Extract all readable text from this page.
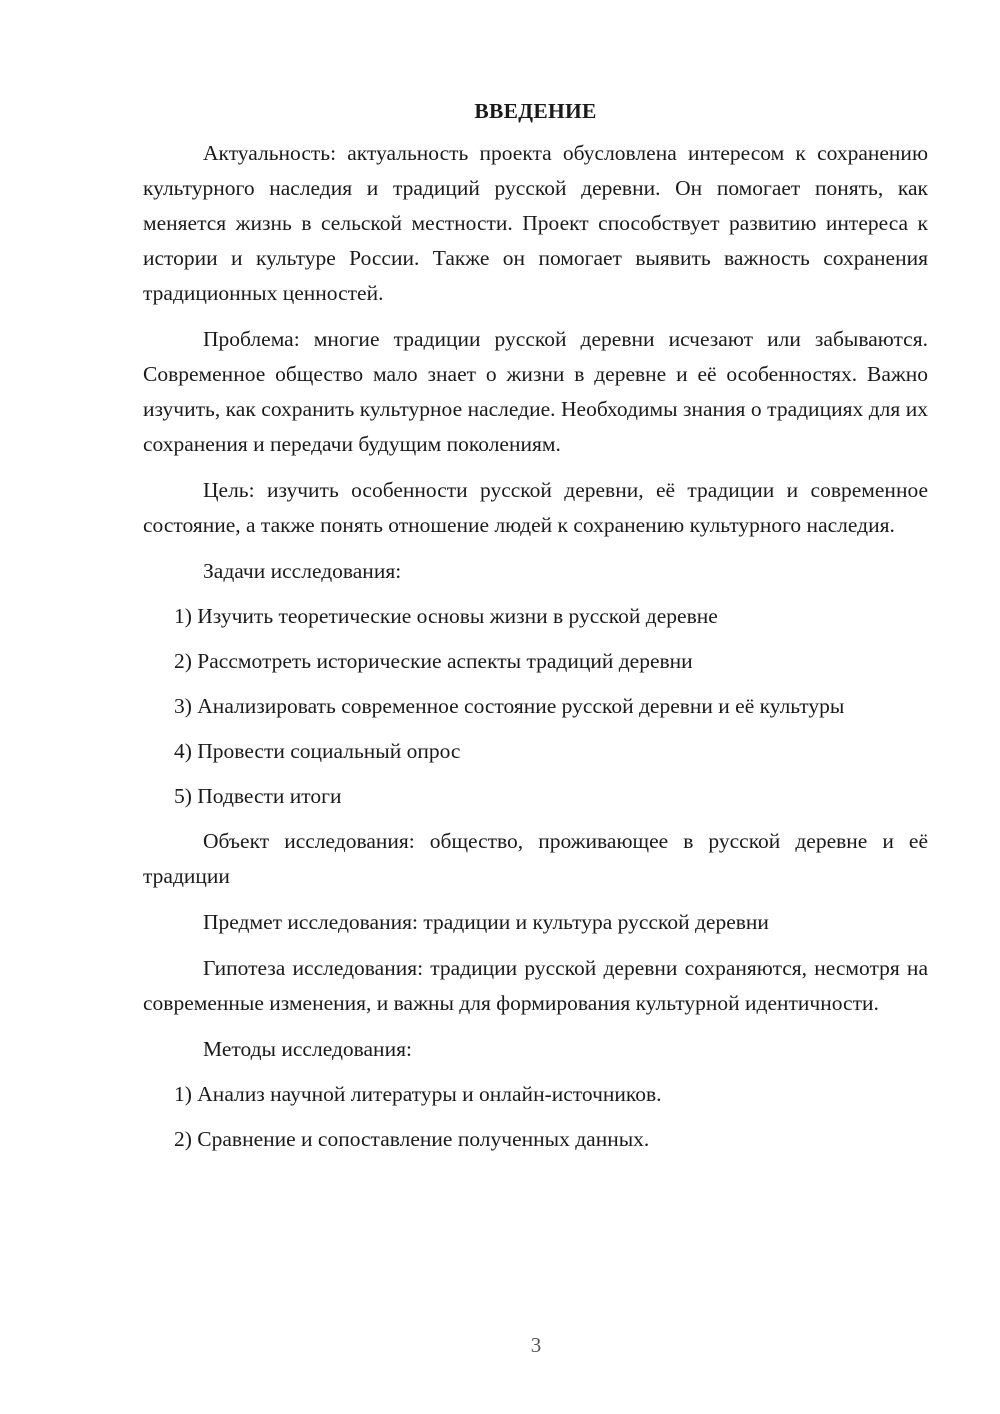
ВВЕДЕНИЕ

Актуальность: актуальность проекта обусловлена интересом к сохранению культурного наследия и традиций русской деревни. Он помогает понять, как меняется жизнь в сельской местности. Проект способствует развитию интереса к истории и культуре России. Также он помогает выявить важность сохранения традиционных ценностей.

Проблема: многие традиции русской деревни исчезают или забываются. Современное общество мало знает о жизни в деревне и её особенностях. Важно изучить, как сохранить культурное наследие. Необходимы знания о традициях для их сохранения и передачи будущим поколениям.

Цель: изучить особенности русской деревни, её традиции и современное состояние, а также понять отношение людей к сохранению культурного наследия.

Задачи исследования:

1) Изучить теоретические основы жизни в русской деревне

2) Рассмотреть исторические аспекты традиций деревни

3) Анализировать современное состояние русской деревни и её культуры

4) Провести социальный опрос

5) Подвести итоги

Объект исследования: общество, проживающее в русской деревне и её традиции

Предмет исследования: традиции и культура русской деревни

Гипотеза исследования: традиции русской деревни сохраняются, несмотря на современные изменения, и важны для формирования культурной идентичности.

Методы исследования:

1) Анализ научной литературы и онлайн-источников.

2) Сравнение и сопоставление полученных данных.

3
